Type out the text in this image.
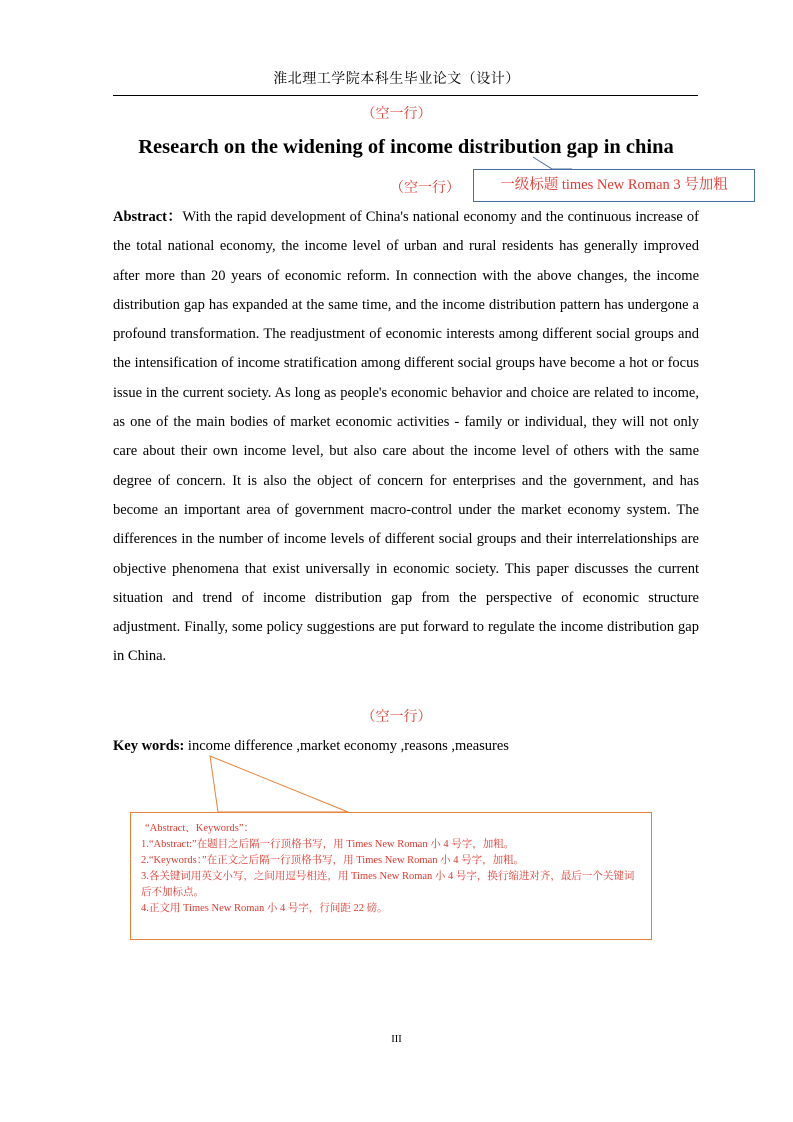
淮北理工学院本科生毕业论文（设计）
（空一行）
Research on the widening of income distribution gap in china
（空一行）	一级标题 times New Roman 3 号加粗
Abstract：With the rapid development of China's national economy and the continuous increase of the total national economy, the income level of urban and rural residents has generally improved after more than 20 years of economic reform. In connection with the above changes, the income distribution gap has expanded at the same time, and the income distribution pattern has undergone a profound transformation. The readjustment of economic interests among different social groups and the intensification of income stratification among different social groups have become a hot or focus issue in the current society. As long as people's economic behavior and choice are related to income, as one of the main bodies of market economic activities - family or individual, they will not only care about their own income level, but also care about the income level of others with the same degree of concern. It is also the object of concern for enterprises and the government, and has become an important area of government macro-control under the market economy system. The differences in the number of income levels of different social groups and their interrelationships are objective phenomena that exist universally in economic society. This paper discusses the current situation and trend of income distribution gap from the perspective of economic structure adjustment. Finally, some policy suggestions are put forward to regulate the income distribution gap in China.
（空一行）
Key words: income difference ,market economy ,reasons ,measures
“Abstract、Keywords”：
1.“Abstract:”在题目之后隔一行顶格书写，用 Times New Roman 小 4 号字，加粗。
2.“Keywords：”在正文之后隔一行顶格书写，用 Times New Roman 小 4 号字，加粗。
3.各关键词用英文小写，之间用逗号相连，用 Times New Roman 小 4 号字，换行缩进对齐，最后一个关键词后不加标点。
4.正文用 Times New Roman 小 4 号字，行间距 22 磅。
III
